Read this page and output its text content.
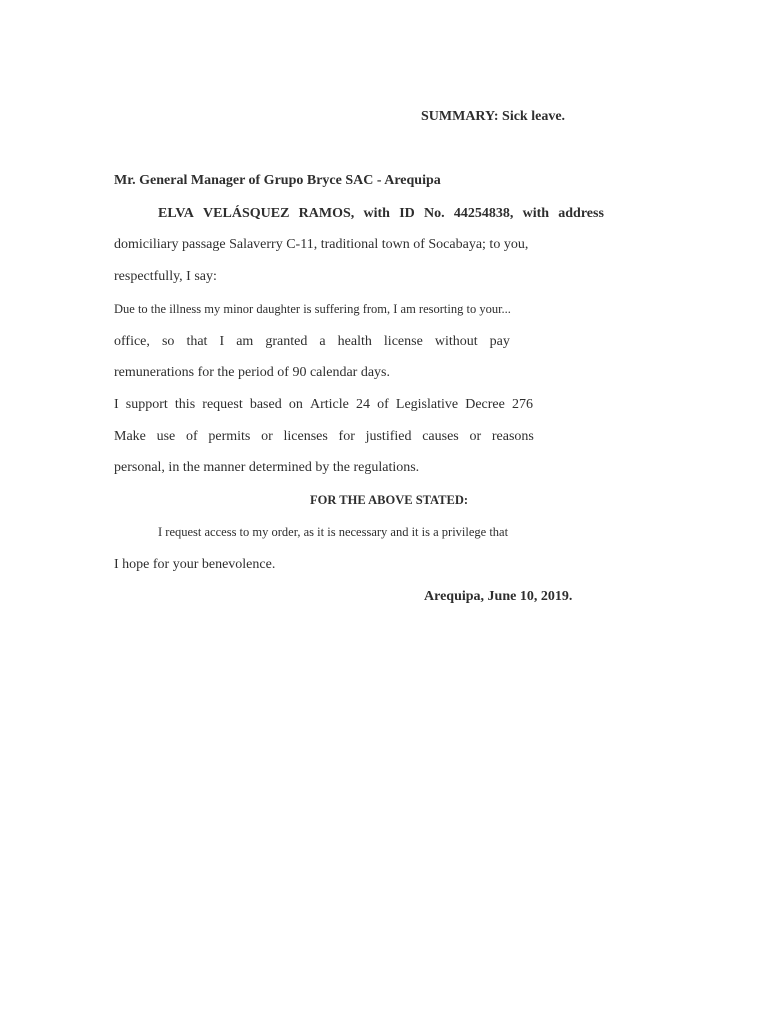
SUMMARY: Sick leave.
Mr. General Manager of Grupo Bryce SAC - Arequipa
ELVA VELÁSQUEZ RAMOS, with ID No. 44254838, with address
domiciliary passage Salaverry C-11, traditional town of Socabaya; to you,
respectfully, I say:
Due to the illness my minor daughter is suffering from, I am resorting to your...
office, so that I am granted a health license without pay
remunerations for the period of 90 calendar days.
I support this request based on Article 24 of Legislative Decree 276
Make use of permits or licenses for justified causes or reasons
personal, in the manner determined by the regulations.
FOR THE ABOVE STATED:
I request access to my order, as it is necessary and it is a privilege that
I hope for your benevolence.
Arequipa, June 10, 2019.
